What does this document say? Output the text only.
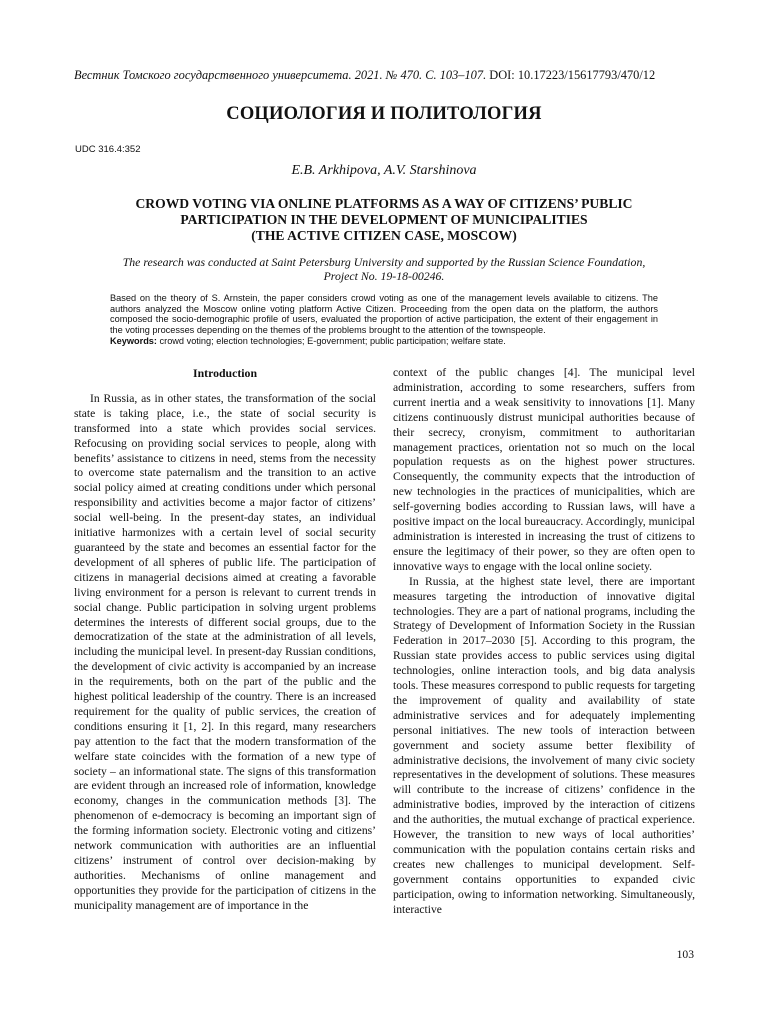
Вестник Томского государственного университета. 2021. № 470. С. 103–107. DOI: 10.17223/15617793/470/12
СОЦИОЛОГИЯ И ПОЛИТОЛОГИЯ
UDC 316.4:352
E.B. Arkhipova, A.V. Starshinova
CROWD VOTING VIA ONLINE PLATFORMS AS A WAY OF CITIZENS’ PUBLIC
PARTICIPATION IN THE DEVELOPMENT OF MUNICIPALITIES
(THE ACTIVE CITIZEN CASE, MOSCOW)
The research was conducted at Saint Petersburg University and supported by the Russian Science Foundation,
Project No. 19-18-00246.

Based on the theory of S. Arnstein, the paper considers crowd voting as one of the management levels available to citizens. The authors analyzed the Moscow online voting platform Active Citizen. Proceeding from the open data on the platform, the authors composed the socio-demographic profile of users, evaluated the proportion of active participation, the extent of their engagement in the voting processes depending on the themes of the problems brought to the attention of the townspeople.

Keywords: crowd voting; election technologies; E-government; public participation; welfare state.

Introduction

In Russia, as in other states, the transformation of the social state is taking place, i.e., the state of social security is transformed into a state which provides social services. Refocusing on providing social services to people, along with benefits’ assistance to citizens in need, stems from the necessity to overcome state paternalism and the transition to an active social policy aimed at creating conditions under which personal responsibility and activities become a major factor of citizens’ social well-being. In the present-day states, an individual initiative harmonizes with a certain level of social security guaranteed by the state and becomes an essential factor for the development of all spheres of public life. The participation of citizens in managerial decisions aimed at creating a favorable living environment for a person is relevant to current trends in social change. Public participation in solving urgent problems determines the interests of different social groups, due to the democratization of the state at the administration of all levels, including the municipal level. In present-day Russian conditions, the development of civic activity is accompanied by an increase in the requirements, both on the part of the public and the highest political leadership of the country. There is an increased requirement for the quality of public services, the creation of conditions ensuring it [1, 2]. In this regard, many researchers pay attention to the fact that the modern transformation of the welfare state coincides with the formation of a new type of society – an informational state. The signs of this transformation are evident through an increased role of information, knowledge economy, changes in the communication methods [3]. The phenomenon of e-democracy is becoming an important sign of the forming information society. Electronic voting and citizens’ network communication with authorities are an influential citizens’ instrument of control over decision-making by authorities. Mechanisms of online management and opportunities they provide for the participation of citizens in the municipality management are of importance in the

context of the public changes [4]. The municipal level administration, according to some researchers, suffers from current inertia and a weak sensitivity to innovations [1]. Many citizens continuously distrust municipal authorities because of their secrecy, cronyism, commitment to authoritarian management practices, orientation not so much on the local population requests as on the highest power structures. Consequently, the community expects that the introduction of new technologies in the practices of municipalities, which are self-governing bodies according to Russian laws, will have a positive impact on the local bureaucracy. Accordingly, municipal administration is interested in increasing the trust of citizens to ensure the legitimacy of their power, so they are often open to innovative ways to engage with the local online society.

In Russia, at the highest state level, there are important measures targeting the introduction of innovative digital technologies. They are a part of national programs, including the Strategy of Development of Information Society in the Russian Federation in 2017–2030 [5]. According to this program, the Russian state provides access to public services using digital technologies, online interaction tools, and big data analysis tools. These measures correspond to public requests for targeting the improvement of quality and availability of state administrative services and for adequately implementing personal initiatives. The new tools of interaction between government and society assume better flexibility of administrative decisions, the involvement of many civic society representatives in the development of solutions. These measures will contribute to the increase of citizens’ confidence in the administrative bodies, improved by the interaction of citizens and the authorities, the mutual exchange of practical experience. However, the transition to new ways of local authorities’ communication with the population contains certain risks and creates new challenges to municipal development. Self-government contains opportunities to expanded civic participation, owing to information networking. Simultaneously, interactive

103
